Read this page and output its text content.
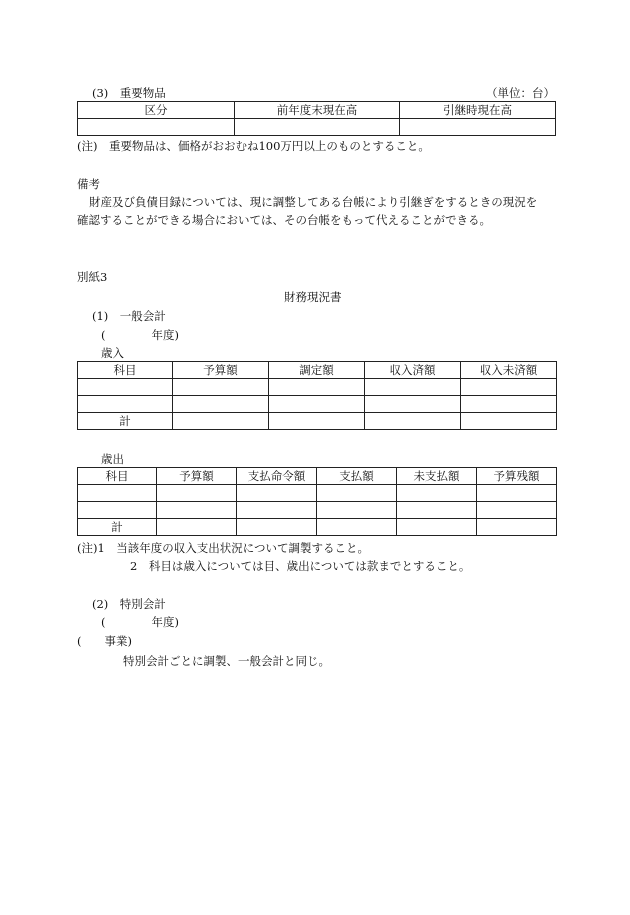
(3)　重要物品	（単位：台）
区分	前年度末現在高	引継時現在高

(注)　重要物品は、価格がおおむね100万円以上のものとすること。
備考
財産及び負債目録については、現に調整してある台帳により引継ぎをするときの現況を
確認することができる場合においては、その台帳をもって代えることができる。
別紙3
財務現況書
(1)　一般会計
(　　　　年度)
歳入
科目	予算額	調定額	収入済額	収入未済額

計				
歳出
科目	予算額	支払命令額	支払額	未支払額	予算残額

計					
(注)1　当該年度の収入支出状況について調製すること。
2　科目は歳入については目、歳出については款までとすること。
(2)　特別会計
(　　　　年度)
(　　事業)
特別会計ごとに調製、一般会計と同じ。
